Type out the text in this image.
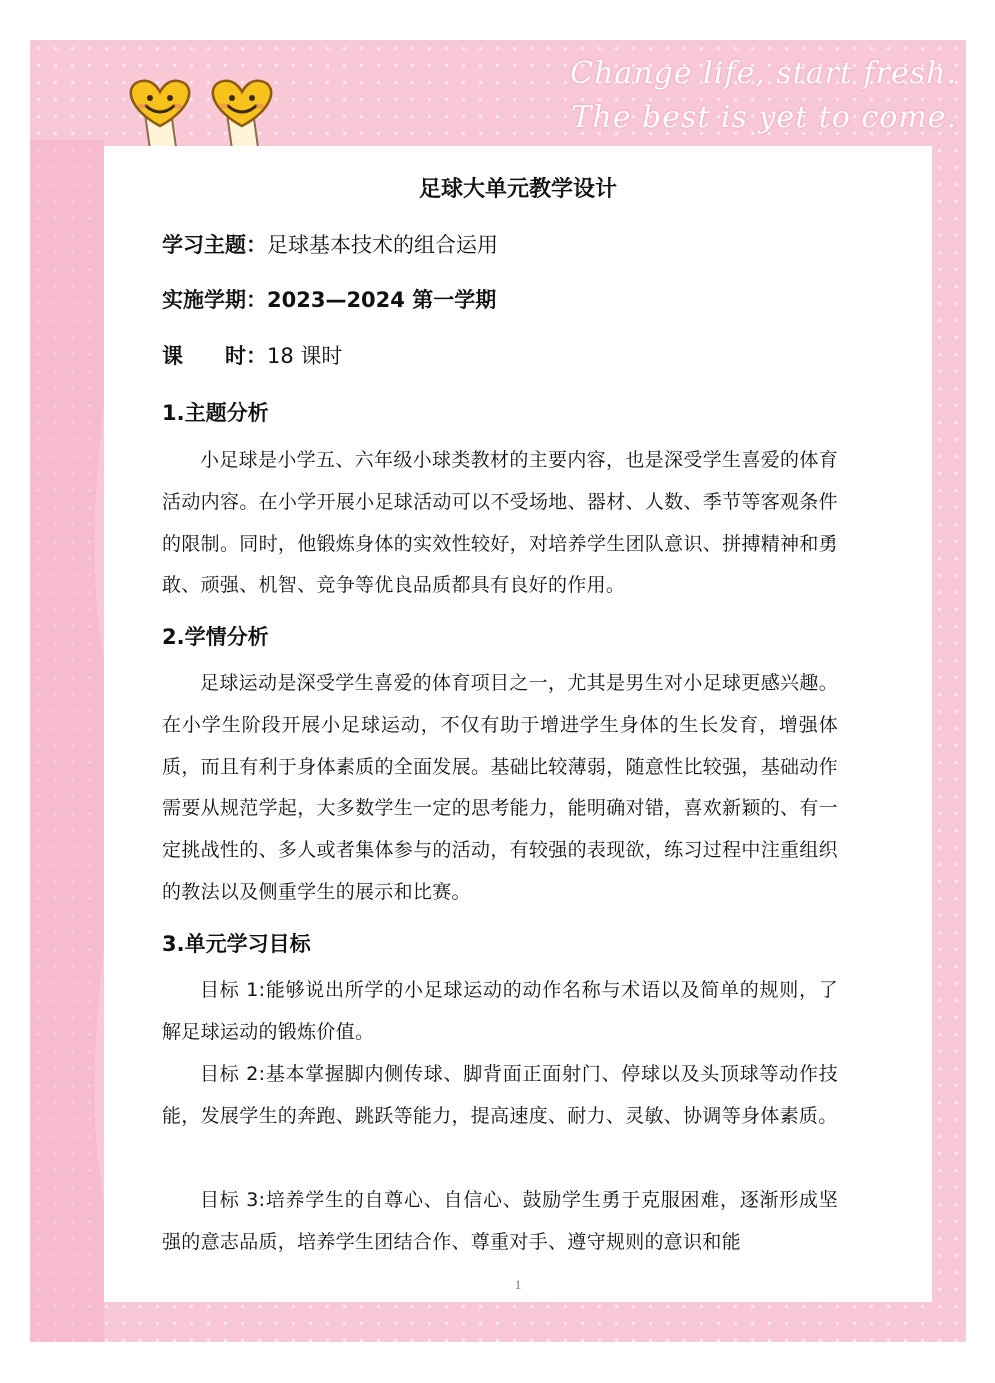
Change life, start fresh.
The best is yet to come.
足球大单元教学设计
学习主题：足球基本技术的组合运用
实施学期：2023—2024 第一学期
课　　时：18 课时
1.主题分析

小足球是小学五、六年级小球类教材的主要内容，也是深受学生喜爱的体育活动内容。在小学开展小足球活动可以不受场地、器材、人数、季节等客观条件的限制。同时，他锻炼身体的实效性较好，对培养学生团队意识、拼搏精神和勇敢、顽强、机智、竞争等优良品质都具有良好的作用。

2.学情分析

足球运动是深受学生喜爱的体育项目之一，尤其是男生对小足球更感兴趣。在小学生阶段开展小足球运动，不仅有助于增进学生身体的生长发育，增强体质，而且有利于身体素质的全面发展。基础比较薄弱，随意性比较强，基础动作需要从规范学起，大多数学生一定的思考能力，能明确对错，喜欢新颖的、有一定挑战性的、多人或者集体参与的活动，有较强的表现欲，练习过程中注重组织的教法以及侧重学生的展示和比赛。

3.单元学习目标

目标 1:能够说出所学的小足球运动的动作名称与术语以及简单的规则，了解足球运动的锻炼价值。

目标 2:基本掌握脚内侧传球、脚背面正面射门、停球以及头顶球等动作技能，发展学生的奔跑、跳跃等能力，提高速度、耐力、灵敏、协调等身体素质。

目标 3:培养学生的自尊心、自信心、鼓励学生勇于克服困难，逐渐形成坚强的意志品质，培养学生团结合作、尊重对手、遵守规则的意识和能

1
